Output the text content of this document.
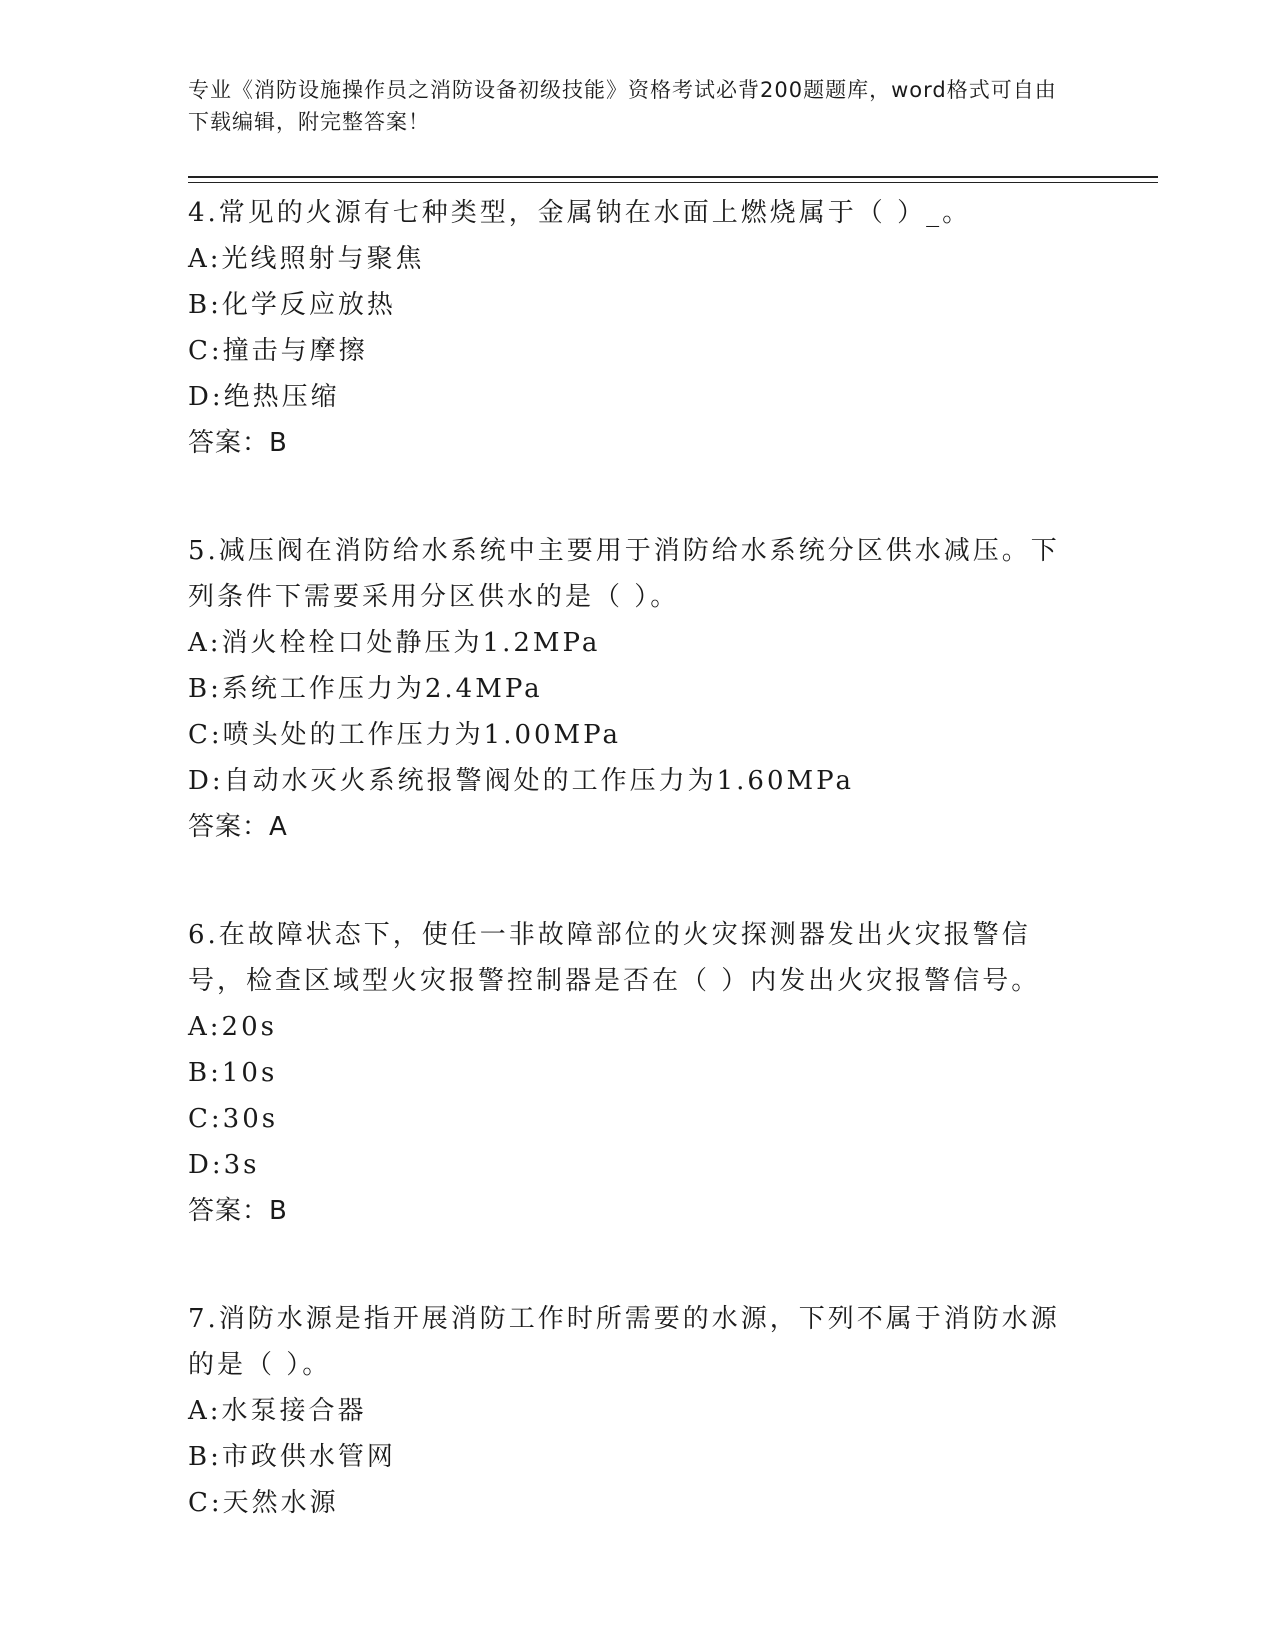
专业《消防设施操作员之消防设备初级技能》资格考试必背200题题库，word格式可自由下载编辑，附完整答案！
4.常见的火源有七种类型，金属钠在水面上燃烧属于（ ）_。
A:光线照射与聚焦
B:化学反应放热
C:撞击与摩擦
D:绝热压缩
答案：B
5.减压阀在消防给水系统中主要用于消防给水系统分区供水减压。下列条件下需要采用分区供水的是（ ）。
A:消火栓栓口处静压为1.2MPa
B:系统工作压力为2.4MPa
C:喷头处的工作压力为1.00MPa
D:自动水灭火系统报警阀处的工作压力为1.60MPa
答案：A
6.在故障状态下，使任一非故障部位的火灾探测器发出火灾报警信号，检查区域型火灾报警控制器是否在（ ）内发出火灾报警信号。
A:20s
B:10s
C:30s
D:3s
答案：B
7.消防水源是指开展消防工作时所需要的水源，下列不属于消防水源的是（ ）。
A:水泵接合器
B:市政供水管网
C:天然水源
